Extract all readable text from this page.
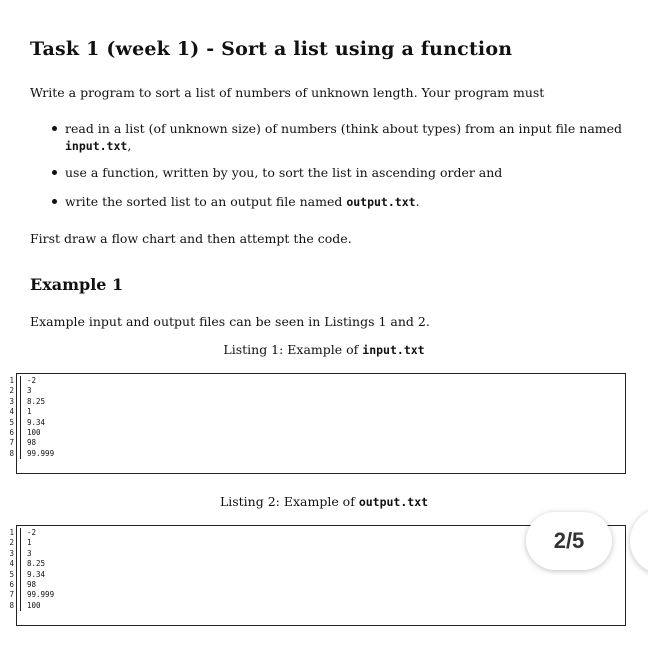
Task 1 (week 1) - Sort a list using a function
Write a program to sort a list of numbers of unknown length. Your program must
read in a list (of unknown size) of numbers (think about types) from an input file named
input.txt,
use a function, written by you, to sort the list in ascending order and
write the sorted list to an output file named output.txt.
First draw a flow chart and then attempt the code.
Example 1
Example input and output files can be seen in Listings 1 and 2.
Listing 1: Example of input.txt
1
2
3
4
5
6
7
8
-2
3
8.25
1
9.34
100
98
99.999
Listing 2: Example of output.txt
1
2
3
4
5
6
7
8
-2
1
3
8.25
9.34
98
99.999
100
2/5
